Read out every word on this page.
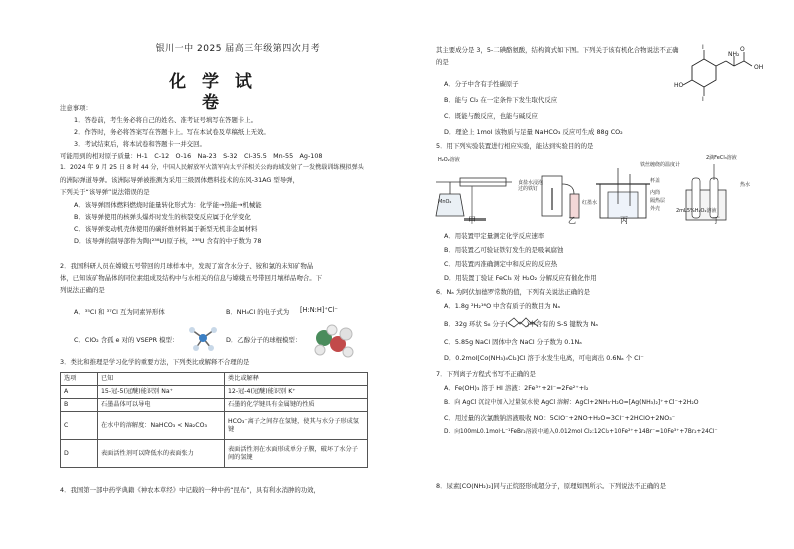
银川一中 2025 届高三年级第四次月考
化 学 试 卷
注意事项：
1．答卷前，考生务必将自己的姓名、准考证号填写在答题卡上。
2．作答时，务必将答案写在答题卡上。写在本试卷及草稿纸上无效。
3．考试结束后，将本试卷和答题卡一并交回。
可能用到的相对原子质量：H-1　C-12　O-16　Na-23　S-32　Cl-35.5　Mn-55　Ag-108
1．2024 年 9 月 25 日 8 时 44 分，中国人民解放军火箭军向太平洋相关公海海域发射了一发携载训练模拟弹头
的洲际弹道导弹。该洲际导弹被推测为采用三级固体燃料技术的东风-31AG 型导弹，
下列关于“该导弹”说法错误的是
A．该导弹固体燃料燃烧时能量转化形式为：化学能→热能→机械能
B．该导弹使用的核弹头爆炸时发生的核裂变反应属于化学变化
C．该导弹变动机壳体使用的碳纤维材料属于新型无机非金属材料
D．该导弹的制导部件为陶(²³⁸U)原子核，²³⁸U 含有的中子数为 78
2．我国科研人员在嫦娥五号带回的月球样本中，发现了富含水分子、铵和氯的未知矿物晶
体，已知该矿物晶体的同位素组成及结构中与水相关的信息与嫦娥五号带回月壤样品吻合。下
列说法正确的是
A．³⁵Cl 和 ³⁷Cl 互为同素异形体	B．NH₄Cl 的电子式为 [H:N:H]⁺Cl⁻
C．ClO₂ 含孤 e 对的 VSEPR 模型：	D．乙醇分子的球棍模型：
3．类比和推理是学习化学的重要方法，下列类比或解释不合理的是
选项	已知	类比或解释
A	15-冠-5(冠醚)能识别 Na⁺	12-冠-4(冠醚)能识别 K⁺
B	石墨晶体可以导电	石墨的化学键具有金属键的性质
C	在水中的溶解度：NaHCO₃ < Na₂CO₃	HCO₃⁻离子之间存在氢键，使其与水分子形成氢键
D	表面活性剂可以降低水的表面张力	表面活性剂在水面形成单分子膜，破坏了水分子间的氢键
4．我国第一部中药学典籍《神农本草经》中记载的一种中药“昆布”，具有利水消肿的功效，
其主要成分是 3，5-二碘酪氨酸，结构简式如下图。下列关于该有机化合物说法不正确
的是
A．分子中含有手性碳原子
B．能与 Cl₂ 在一定条件下发生取代反应
C．既能与酸反应，也能与碱反应
D．理论上 1mol 该物质与足量 NaHCO₃ 反应可生成 88g CO₂
I
NH₂
OH
O
HO
I
5．用下列实验装置进行相应实验，能达到实验目的的是
H₂O₂溶液
MnO₂
食盐水浸泡过的铁钉
红墨水
铁丝缠绕的温度计
杯盖
内筒
隔热层
外壳
2滴FeCl₃溶液
热水
2mL5%H₂O₂溶液
甲	乙	丙	丁
A．用装置甲定量测定化学反应速率
B．用装置乙可验证铁钉发生的是吸氧腐蚀
C．用装置丙准确测定中和反应的反应热
D．用装置丁验证 FeCl₃ 对 H₂O₂ 分解反应有催化作用
6．Nₐ 为阿伏加德罗常数的值，下列有关说法正确的是
A．1.8g ²H₂¹⁶O 中含有质子的数目为 Nₐ
B．32g 环状 S₈ 分子(　　　)中含有的 S-S 键数为 Nₐ
C．5.85g NaCl 固体中含 NaCl 分子数为 0.1Nₐ
D．0.2mol[Co(NH₃)₄Cl₂]Cl 溶于水发生电离，可电离出 0.6Nₐ 个 Cl⁻
7．下列离子方程式书写不正确的是
A．Fe(OH)₃ 溶于 HI 溶液：2Fe³⁺+2I⁻=2Fe²⁺+I₂
B．向 AgCl 沉淀中加入过量氨水使 AgCl 溶解：AgCl+2NH₃·H₂O=[Ag(NH₃)₂]⁺+Cl⁻+2H₂O
C．用过量的次氯酸钠溶液吸收 NO：5ClO⁻+2NO+H₂O=3Cl⁻+2HClO+2NO₃⁻
D．向100mL0.1mol·L⁻¹FeBr₂溶液中通入0.012mol Cl₂:12Cl₂+10Fe²⁺+14Br⁻=10Fe³⁺+7Br₂+24Cl⁻
8．尿素[CO(NH₂)₂]同与正烷胫形成超分子，原理如图所示。下列说法不正确的是
